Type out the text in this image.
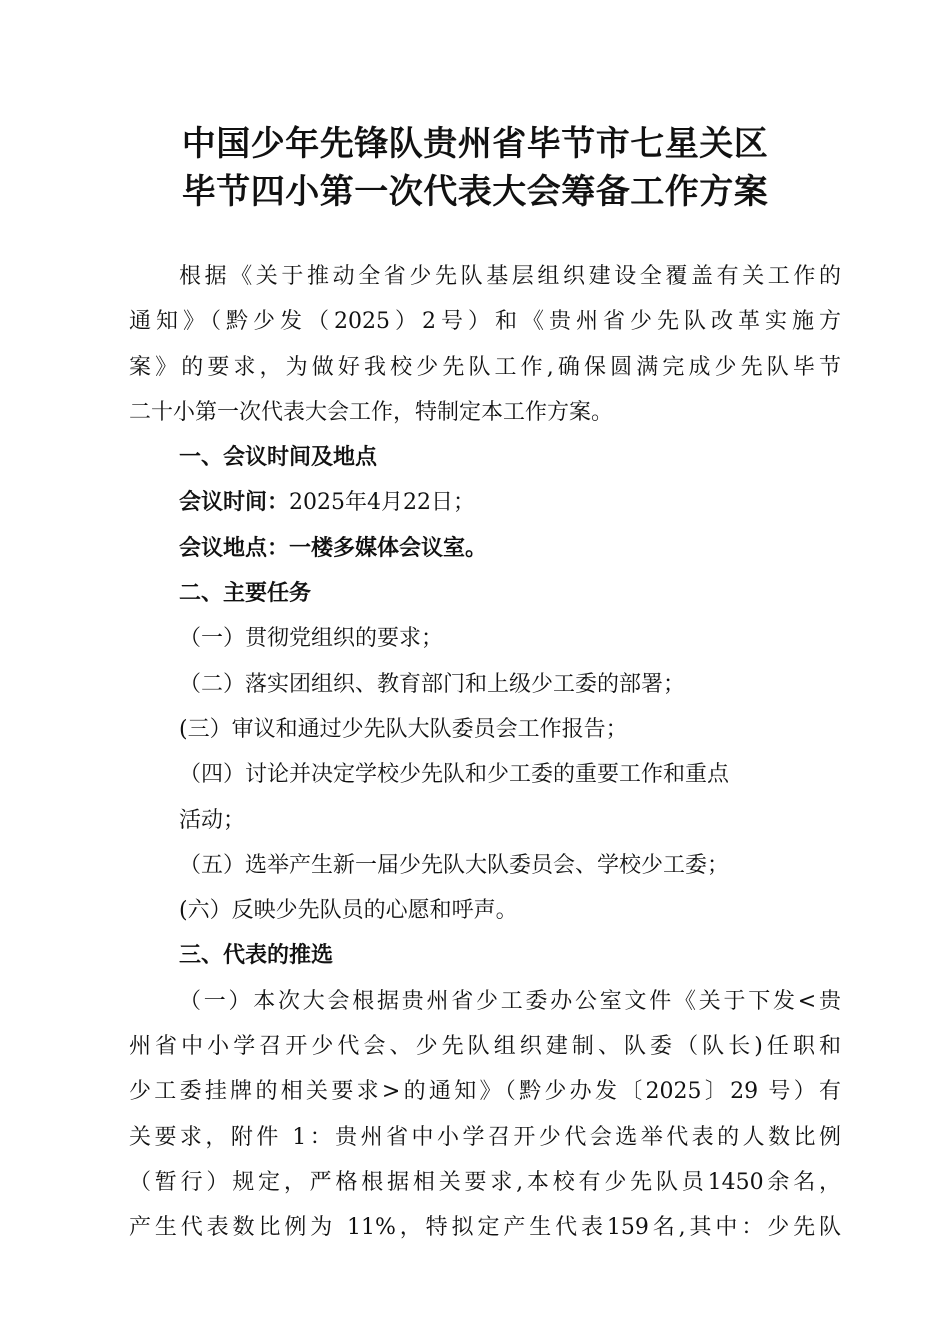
中国少年先锋队贵州省毕节市七星关区
毕节四小第一次代表大会筹备工作方案
根据《关于推动全省少先队基层组织建设全覆盖有关工作的
通知》（黔少发（2025）2号）和《贵州省少先队改革实施方
案》的要求，为做好我校少先队工作,确保圆满完成少先队毕节
二十小第一次代表大会工作，特制定本工作方案。
一、会议时间及地点
会议时间：2025年4月22日；
会议地点：一楼多媒体会议室。
二、主要任务
（一）贯彻党组织的要求；
（二）落实团组织、教育部门和上级少工委的部署；
(三）审议和通过少先队大队委员会工作报告；
（四）讨论并决定学校少先队和少工委的重要工作和重点
活动；
（五）选举产生新一届少先队大队委员会、学校少工委；
(六）反映少先队员的心愿和呼声。
三、代表的推选
（一）本次大会根据贵州省少工委办公室文件《关于下发<贵
州省中小学召开少代会、少先队组织建制、队委（队长)任职和
少工委挂牌的相关要求>的通知》（黔少办发〔2025〕29 号）有
关要求，附件 1：贵州省中小学召开少代会选举代表的人数比例
（暂行）规定，严格根据相关要求,本校有少先队员1450余名，
产生代表数比例为 11%，特拟定产生代表159名,其中：少先队
